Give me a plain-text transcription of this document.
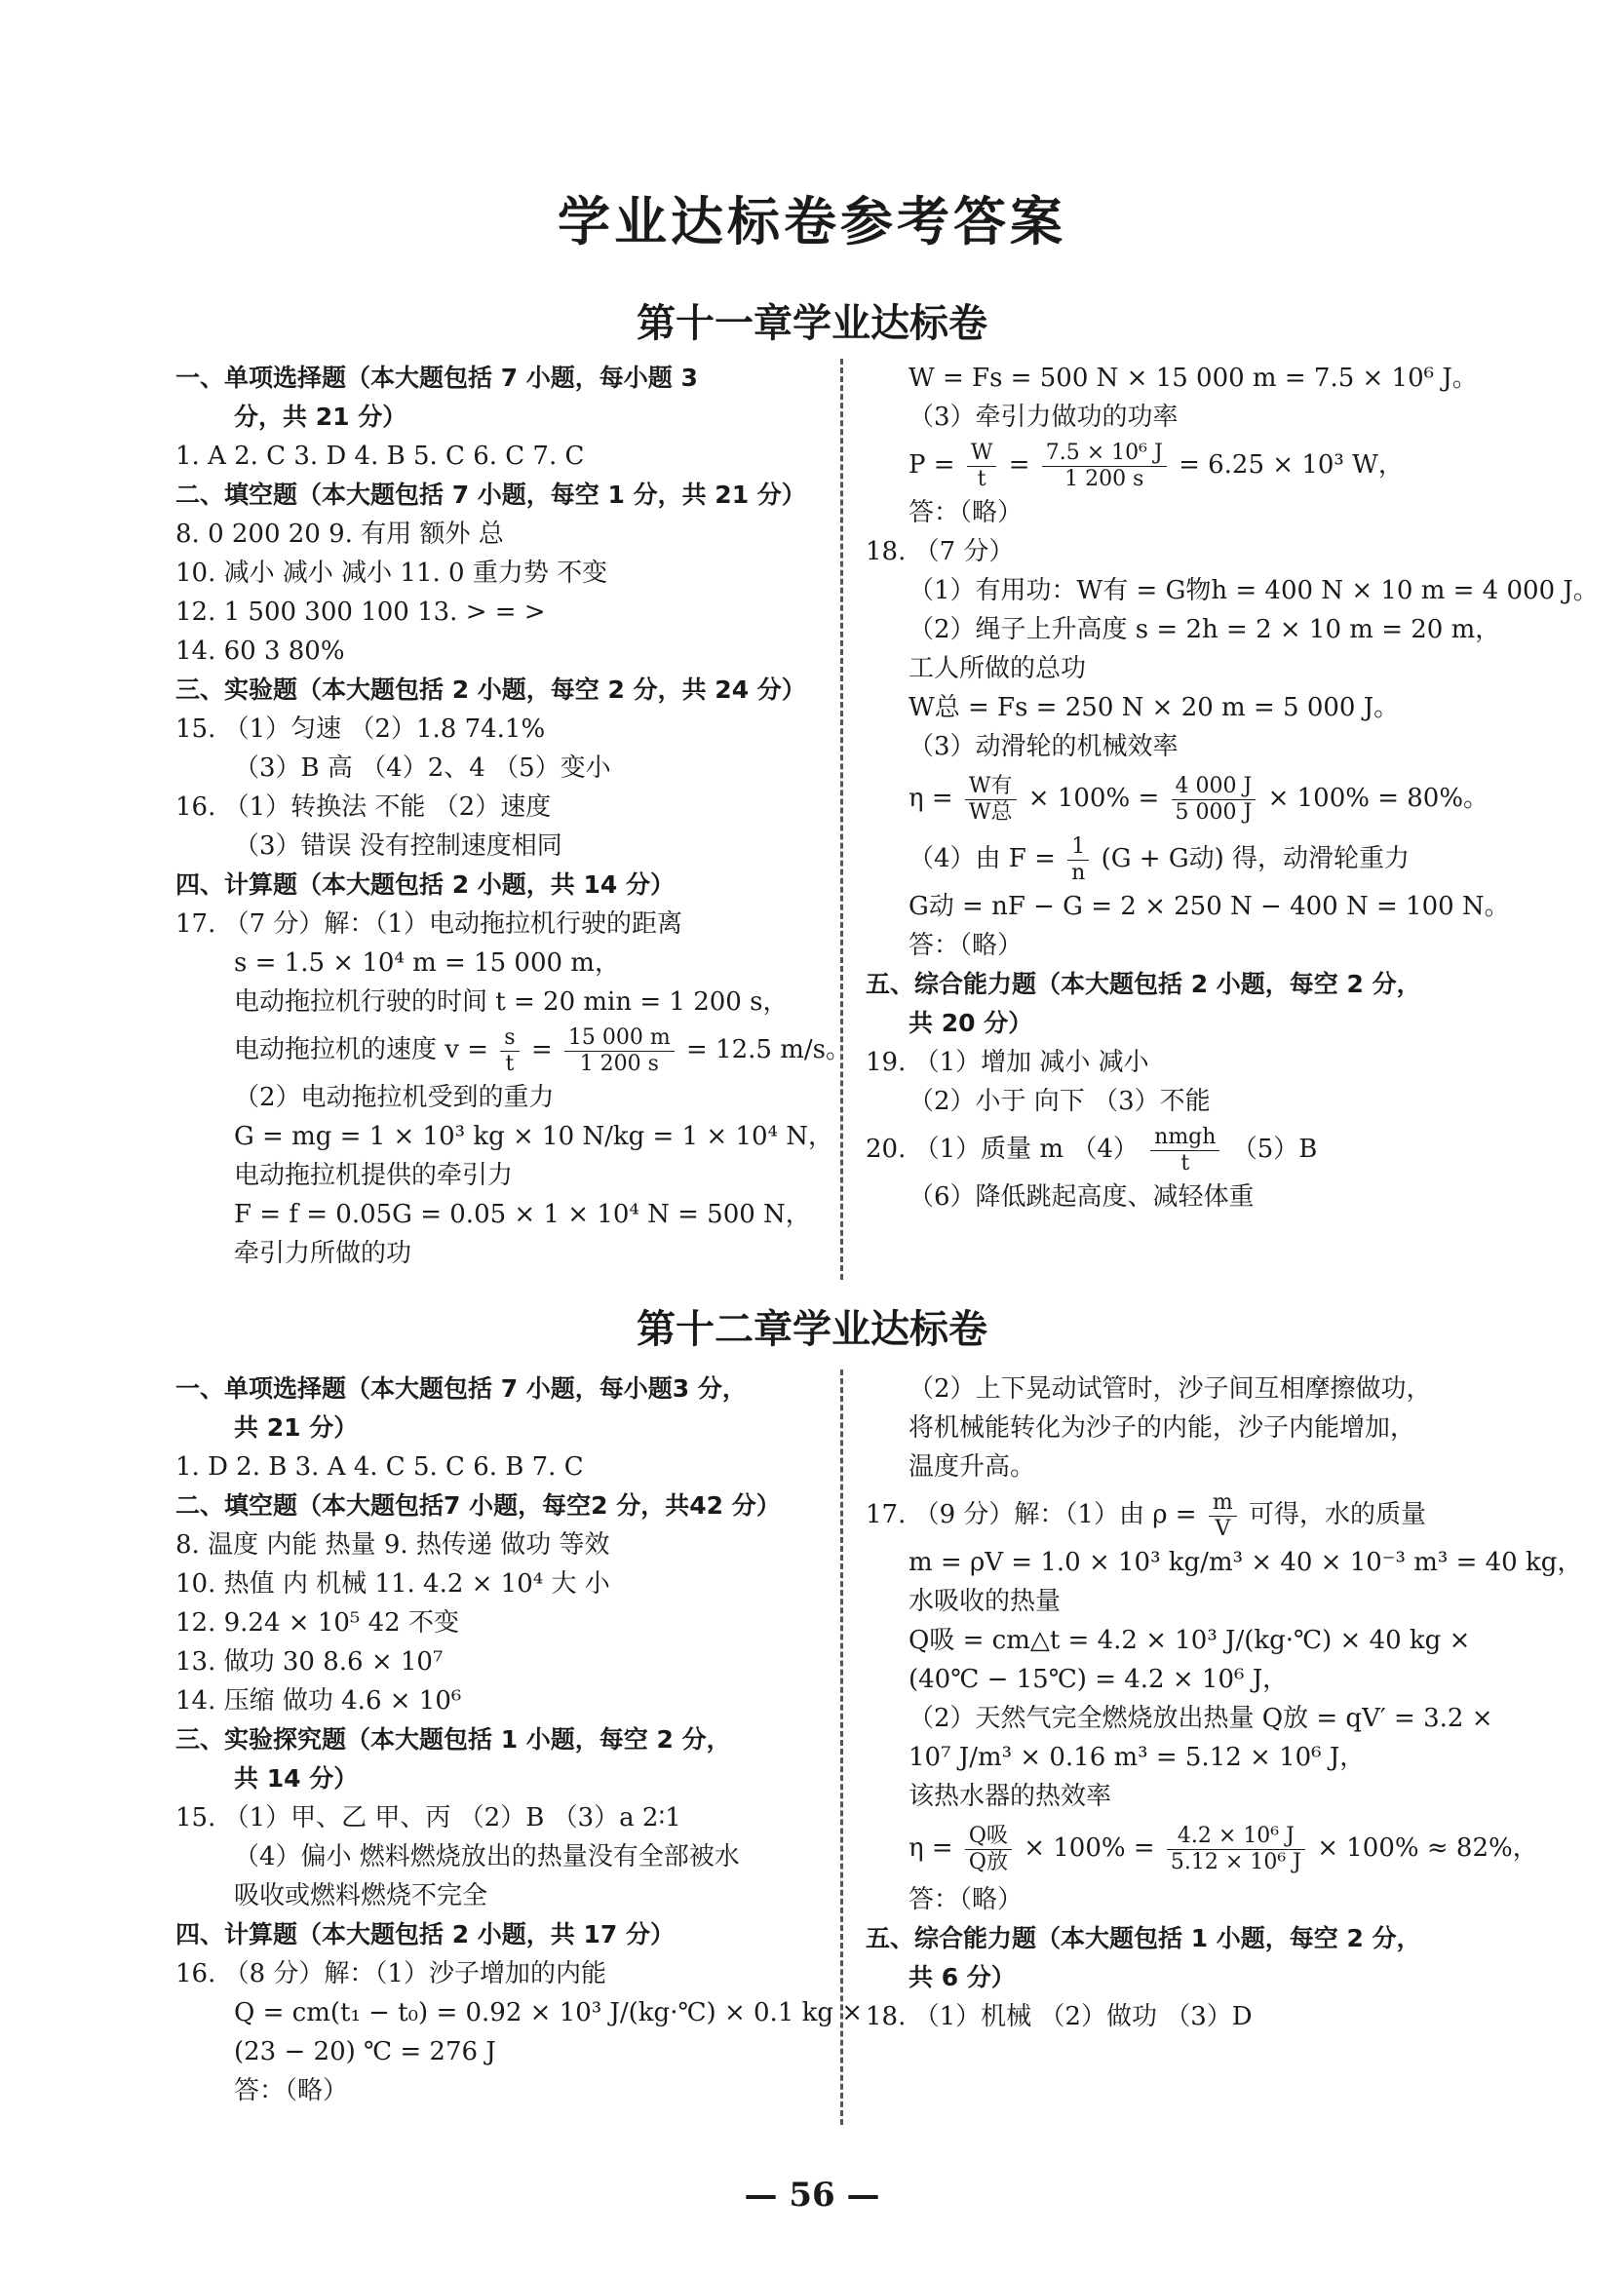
学业达标卷参考答案
第十一章学业达标卷
一、单项选择题（本大题包括 7 小题，每小题 3
分，共 21 分）
1. A 2. C 3. D 4. B 5. C 6. C 7. C
二、填空题（本大题包括 7 小题，每空 1 分，共 21 分）
8. 0 200 20 9. 有用 额外 总
10. 减小 减小 减小 11. 0 重力势 不变
12. 1 500 300 100 13. > = >
14. 60 3 80%
三、实验题（本大题包括 2 小题，每空 2 分，共 24 分）
15. （1）匀速 （2）1.8 74.1%
（3）B 高 （4）2、4 （5）变小
16. （1）转换法 不能 （2）速度
（3）错误 没有控制速度相同
四、计算题（本大题包括 2 小题，共 14 分）
17. （7 分）解：（1）电动拖拉机行驶的距离
s = 1.5 × 10⁴ m = 15 000 m，
电动拖拉机行驶的时间 t = 20 min = 1 200 s，
电动拖拉机的速度 $v = \frac{s}{t} = \frac{15 000 m}{1 200 s} = 12.5$ m/s。
（2）电动拖拉机受到的重力
G = mg = 1 × 10³ kg × 10 N/kg = 1 × 10⁴ N，
电动拖拉机提供的牵引力
F = f = 0.05G = 0.05 × 1 × 10⁴ N = 500 N，
牵引力所做的功
W = Fs = 500 N × 15 000 m = 7.5 × 10⁶ J。
（3）牵引力做功的功率
$P = \frac{W}{t} = \frac{\text{7.5 × 10⁶ J}}{1 200 s} = 6.25 \times 10^3$ W，
答：（略）
18. （7 分）
（1）有用功：W有 = G物h = 400 N × 10 m = 4 000 J。
（2）绳子上升高度 s = 2h = 2 × 10 m = 20 m，
工人所做的总功
W总 = Fs = 250 N × 20 m = 5 000 J。
（3）动滑轮的机械效率
$\eta = \frac{\text{W有}}{\text{W总}} \times 100\% = \frac{4 000 J}{5 000 J} \times 100\% = 80\%$。
（4）由 $F = \frac{1}{n} (G + G$动) 得，动滑轮重力
G动 = nF − G = 2 × 250 N − 400 N = 100 N。
答：（略）
五、综合能力题（本大题包括 2 小题，每空 2 分，
共 20 分）
19. （1）增加 减小 减小
（2）小于 向下 （3）不能
20. （1）质量 m $(4) \frac{\text{nmgh}}{t} (5)B$
（6）降低跳起高度、减轻体重
第十二章学业达标卷
一、单项选择题（本大题包括 7 小题，每小题3 分，
共 21 分）
1. D 2. B 3. A 4. C 5. C 6. B 7. C
二、填空题（本大题包括7 小题，每空2 分，共42 分）
8. 温度 内能 热量 9. 热传递 做功 等效
10. 热值 内 机械 11. 4.2 × 10⁴ 大 小
12. 9.24 × 10⁵ 42 不变
13. 做功 30 8.6 × 10⁷
14. 压缩 做功 4.6 × 10⁶
三、实验探究题（本大题包括 1 小题，每空 2 分，
共 14 分）
15. （1）甲、乙 甲、丙 （2）B （3）a 2∶1
（4）偏小 燃料燃烧放出的热量没有全部被水
吸收或燃料燃烧不完全
四、计算题（本大题包括 2 小题，共 17 分）
16. （8 分）解：（1）沙子增加的内能
Q = cm(t₁ − t₀) = 0.92 × 10³ J/(kg·℃) × 0.1 kg ×
(23 − 20) ℃ = 276 J
答：（略）
（2）上下晃动试管时，沙子间互相摩擦做功，
将机械能转化为沙子的内能，沙子内能增加，
温度升高。
17. （9 分）解：（1）由 $\rho = \frac{m}{V}$ 可得，水的质量
m = ρV = 1.0 × 10³ kg/m³ × 40 × 10⁻³ m³ = 40 kg，
水吸收的热量
Q吸 = cm△t = 4.2 × 10³ J/(kg·℃) × 40 kg ×
(40℃ − 15℃) = 4.2 × 10⁶ J，
（2）天然气完全燃烧放出热量 Q放 = qV′ = 3.2 ×
10⁷ J/m³ × 0.16 m³ = 5.12 × 10⁶ J，
该热水器的热效率
$\eta = \frac{\text{Q吸}}{\text{Q放}} \times 100\% = \frac{\text{4.2 × 10⁶ J}}{\text{5.12 × 10⁶ J}} \times 100\% \approx 82\%$，
答：（略）
五、综合能力题（本大题包括 1 小题，每空 2 分，
共 6 分）
18. （1）机械 （2）做功 （3）D
— 56 —
